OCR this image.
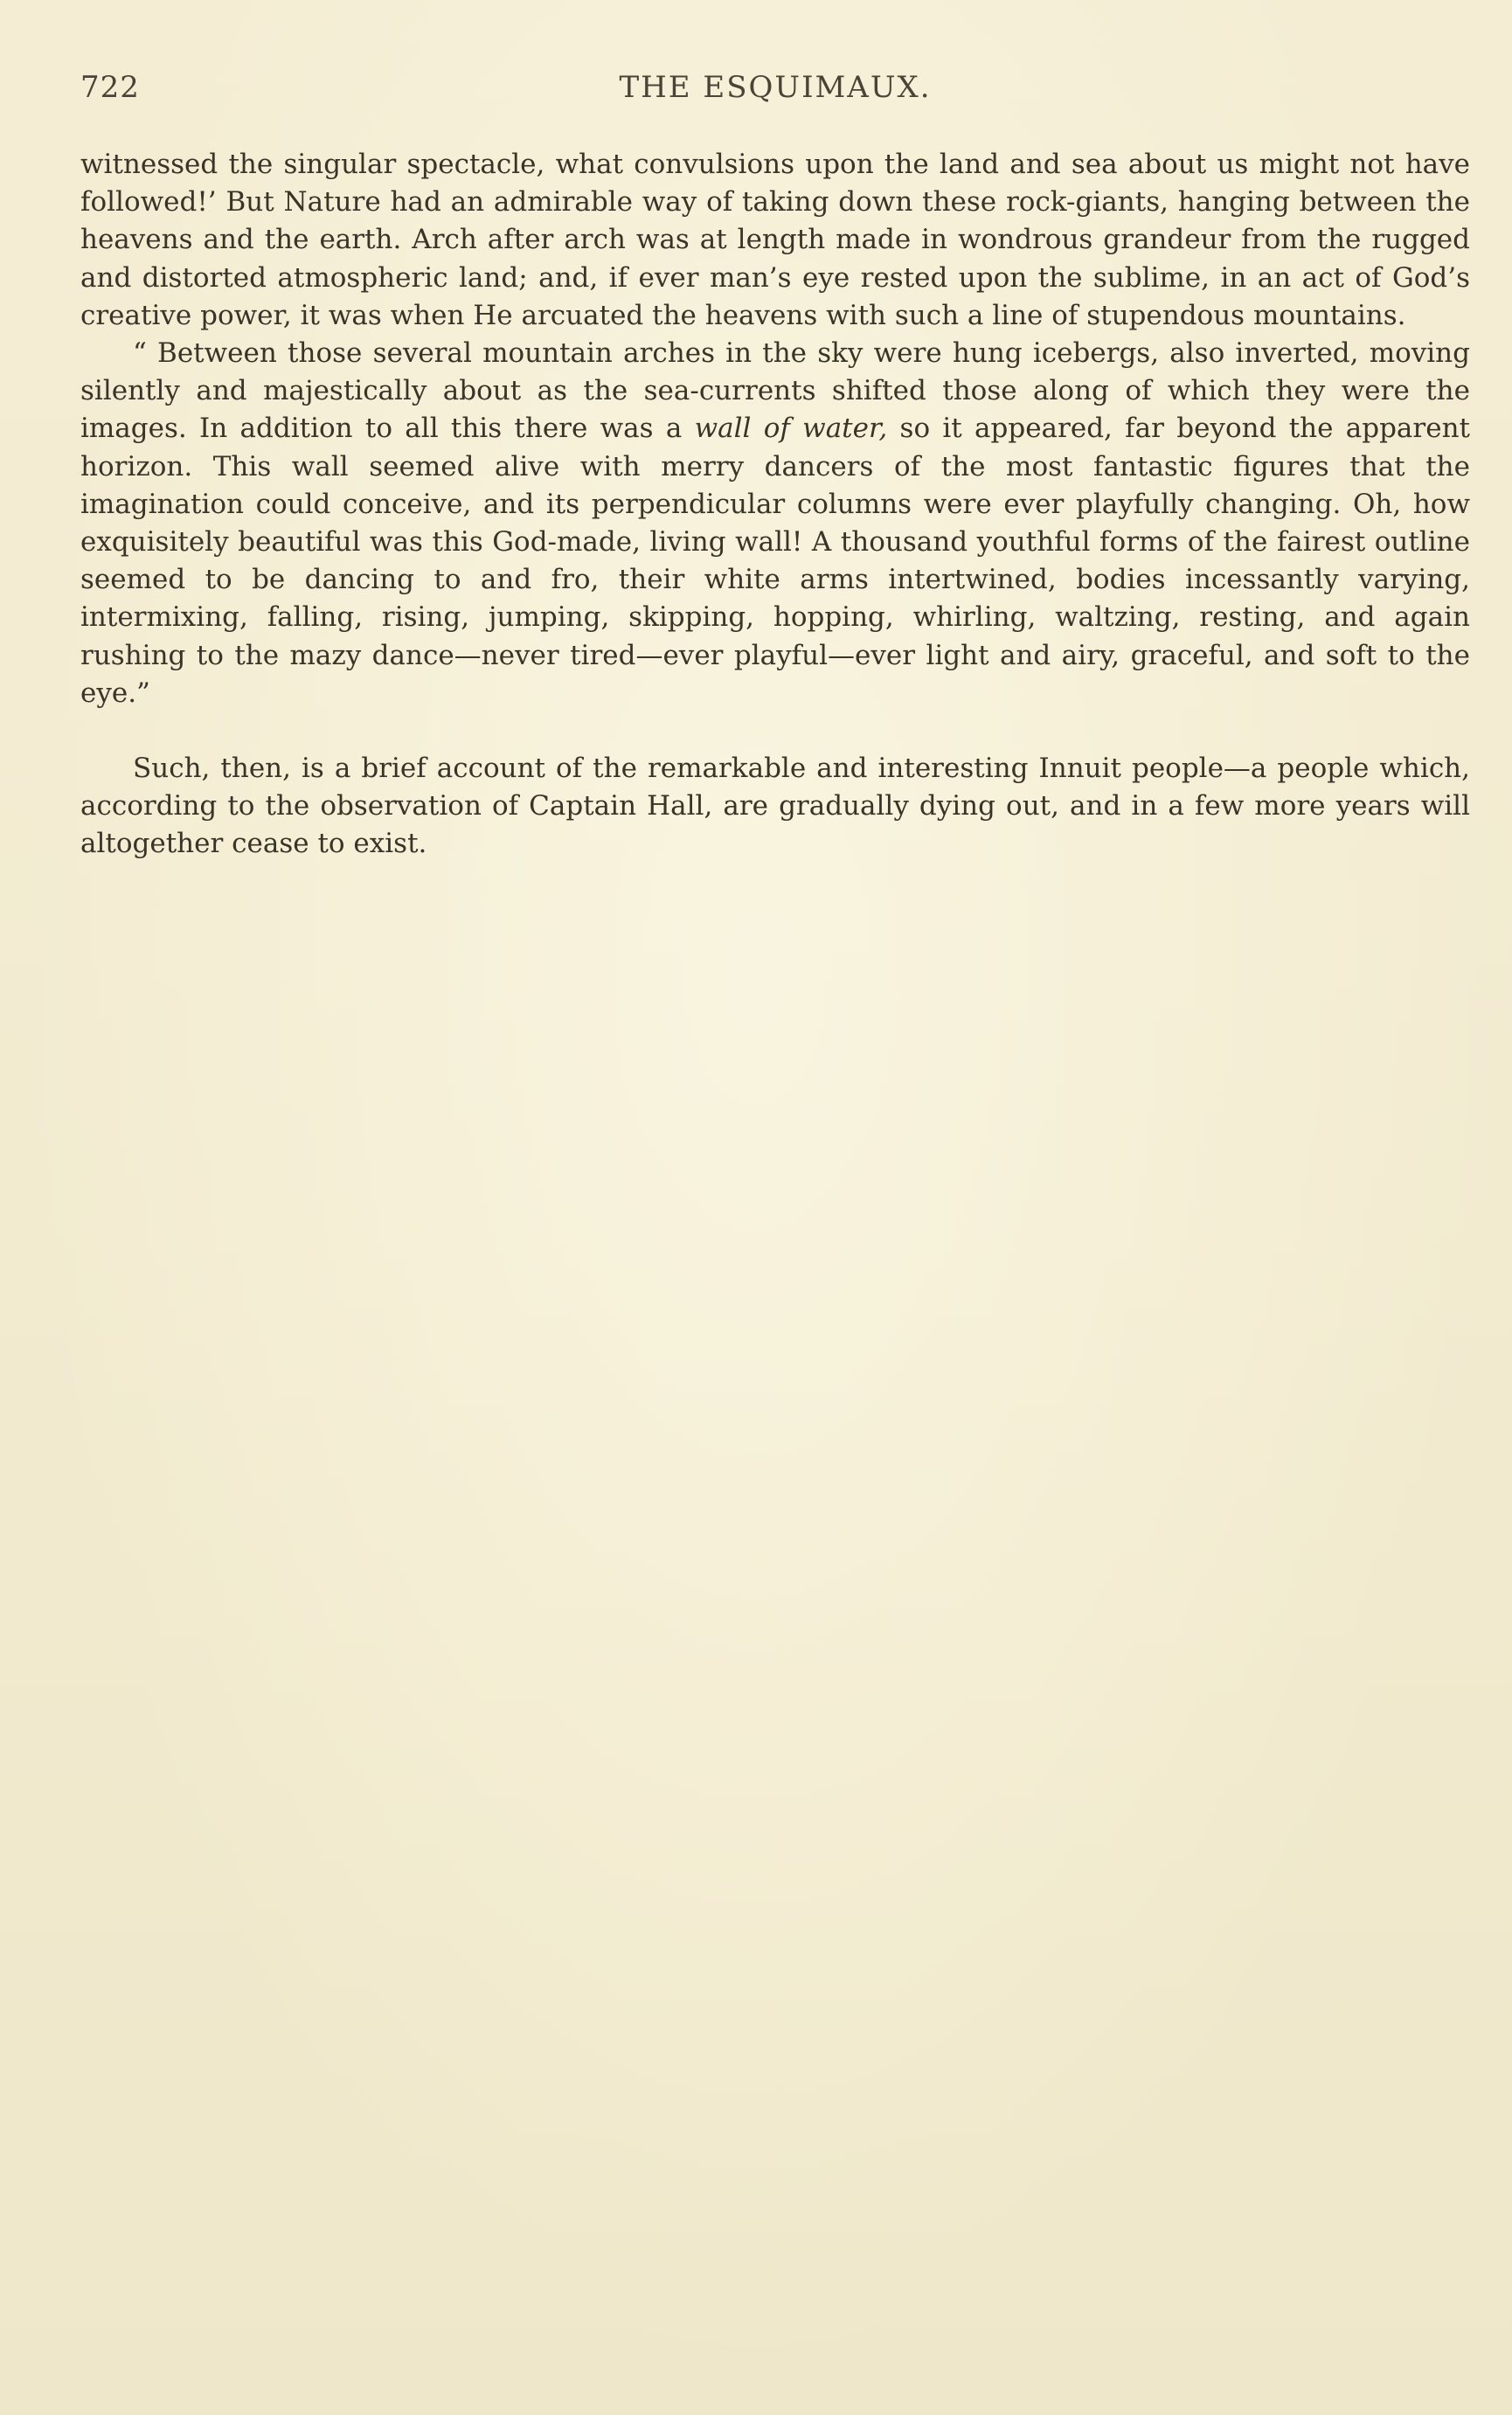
722	THE ESQUIMAUX.

witnessed the singular spectacle, what convulsions upon the land and sea about us might not have followed!’ But Nature had an admirable way of taking down these rock-giants, hanging between the heavens and the earth. Arch after arch was at length made in wondrous grandeur from the rugged and distorted atmospheric land; and, if ever man’s eye rested upon the sublime, in an act of God’s creative power, it was when He arcuated the heavens with such a line of stupendous mountains.

“ Between those several mountain arches in the sky were hung icebergs, also inverted, moving silently and majestically about as the sea-currents shifted those along of which they were the images. In addition to all this there was a wall of water, so it appeared, far beyond the apparent horizon. This wall seemed alive with merry dancers of the most fantastic figures that the imagination could conceive, and its perpendicular columns were ever playfully changing. Oh, how exquisitely beautiful was this God-made, living wall! A thousand youthful forms of the fairest outline seemed to be dancing to and fro, their white arms intertwined, bodies incessantly varying, intermixing, falling, rising, jumping, skipping, hopping, whirling, waltzing, resting, and again rushing to the mazy dance—never tired—ever playful—ever light and airy, graceful, and soft to the eye.”

Such, then, is a brief account of the remarkable and interesting Innuit people—a people which, according to the observation of Captain Hall, are gradually dying out, and in a few more years will altogether cease to exist.
